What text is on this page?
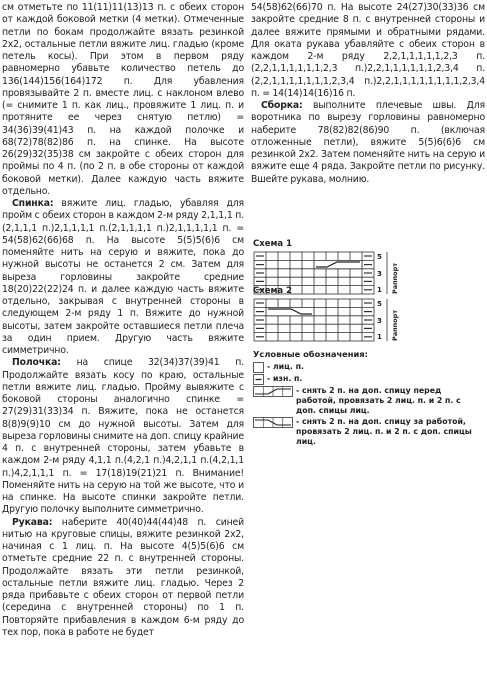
см отметьте по 11(11)11(13)13 п. с обеих сторон от каждой боковой метки (4 метки). Отмеченные петли по бокам продолжайте вязать резинкой 2х2, остальные петли вяжите лиц. гладью (кроме петель косы). При этом в первом ряду равномерно убавьте количество петель до 136(144)156(164)172 п. Для убавления провязывайте 2 п. вместе лиц. с наклоном влево (= снимите 1 п. как лиц., провяжите 1 лиц. п. и протяните ее через снятую петлю) = 34(36)39(41)43 п. на каждой полочке и 68(72)78(82)86 п. на спинке. На высоте 26(29)32(35)38 см закройте с обеих сторон для проймы по 4 п. (по 2 п. в обе стороны от каждой боковой метки). Далее каждую часть вяжите отдельно.

Спинка: вяжите лиц. гладью, убавляя для пройм с обеих сторон в каждом 2-м ряду 2,1,1,1 п.(2,1,1,1 п.)2,1,1,1,1 п.(2,1,1,1,1 п.)2,1,1,1,1,1 п. = 54(58)62(66)68 п. На высоте 5(5)5(6)6 см поменяйте нить на серую и вяжите, пока до нужной высоты не останется 2 см. Затем для выреза горловины закройте средние 18(20)22(22)24 п. и далее каждую часть вяжите отдельно, закрывая с внутренней стороны в следующем 2-м ряду 1 п. Вяжите до нужной высоты, затем закройте оставшиеся петли плеча за один прием. Другую часть вяжите симметрично.

Полочка: на спице 32(34)37(39)41 п. Продолжайте вязать косу по краю, остальные петли вяжите лиц. гладью. Пройму вывяжите с боковой стороны аналогично спинке = 27(29)31(33)34 п. Вяжите, пока не останется 8(8)9(9)10 см до нужной высоты. Затем для выреза горловины снимите на доп. спицу крайние 4 п. с внутренней стороны, затем убавьте в каждом 2-м ряду 4,1,1 п.(4,2,1 п.)4,2,1,1 п.(4,2,1,1 п.)4,2,1,1,1 п. = 17(18)19(21)21 п. Внимание! Поменяйте нить на серую на той же высоте, что и на спинке. На высоте спинки закройте петли. Другую полочку выполните симметрично.

Рукава: наберите 40(40)44(44)48 п. синей нитью на круговые спицы, вяжите резинкой 2х2, начиная с 1 лиц. п. На высоте 4(5)5(6)6 см отметьте средние 22 п. с внутренней стороны. Продолжайте вязать эти петли резинкой, остальные петли вяжите лиц. гладью. Через 2 ряда прибавьте с обеих сторон от первой петли (середина с внутренней стороны) по 1 п. Повторяйте прибавления в каждом 6-м ряду до тех пор, пока в работе не будет

54(58)62(66)70 п. На высоте 24(27)30(33)36 см закройте средние 8 п. с внутренней стороны и далее вяжите прямыми и обратными рядами. Для оката рукава убавляйте с обеих сторон в каждом 2-м ряду 2,2,1,1,1,1,1,2,3 п.(2,2,1,1,1,1,1,1,2,3 п.)2,2,1,1,1,1,1,1,2,3,4 п.(2,2,1,1,1,1,1,1,1,2,3,4 п.)2,2,1,1,1,1,1,1,1,1,2,3,4 п. = 14(14)14(16)16 п.

Сборка: выполните плечевые швы. Для воротника по вырезу горловины равномерно наберите 78(82)82(86)90 п. (включая отложенные петли), вяжите 5(5)6(6)6 см резинкой 2х2. Затем поменяйте нить на серую и вяжите еще 4 ряда. Закройте петли по рисунку. Вшейте рукава, молнию.

Схема 1
5
3
1 Раппорт
Схема 2
5
3
1 Раппорт
Условные обозначения:
- лиц. п.
- изн. п.
- снять 2 п. на доп. спицу перед работой, провязать 2 лиц. п. и 2 п. с доп. спицы лиц.
- снять 2 п. на доп. спицу за работой, провязать 2 лиц. п. и 2 п. с доп. спицы лиц.
